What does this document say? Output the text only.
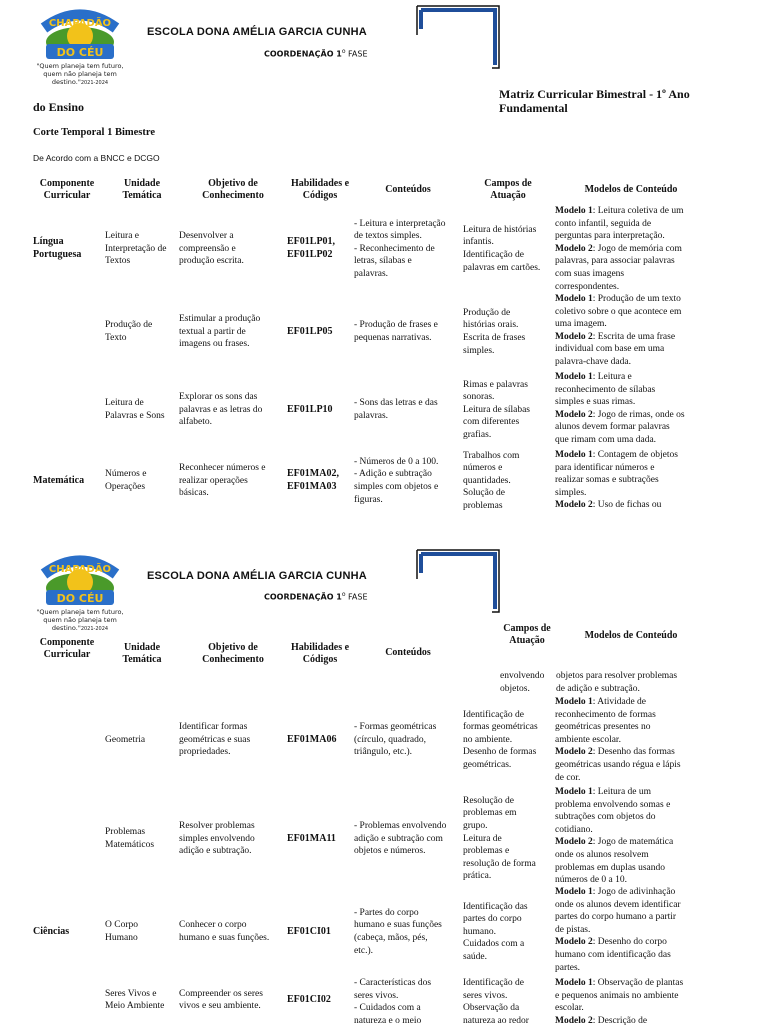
CHAPADÃO
DO CÉU
"Quem planeja tem futuro,
quem não planeja tem
destino."2021-2024
ESCOLA DONA AMÉLIA GARCIA CUNHA
COORDENAÇÃO 1$^o$ FASE
do Ensino
Matriz Curricular Bimestral - 1º Ano
Fundamental
Corte Temporal 1 Bimestre
De Acordo com a BNCC e DCGO
Componente
Curricular
Unidade
Temática
Objetivo de
Conhecimento
Habilidades e
Códigos
Conteúdos
Campos de
Atuação
Modelos de Conteúdo
Língua
Portuguesa
Leitura e
Interpretação de
Textos
Desenvolver a
compreensão e
produção escrita.
EF01LP01,
EF01LP02
- Leitura e interpretação
de textos simples.
- Reconhecimento de
letras, sílabas e
palavras.
Leitura de histórias
infantis.
Identificação de
palavras em cartões.
Modelo 1: Leitura coletiva de um
conto infantil, seguida de
perguntas para interpretação.
Modelo 2: Jogo de memória com
palavras, para associar palavras
com suas imagens
correspondentes.
Produção de
Texto
Estimular a produção
textual a partir de
imagens ou frases.
EF01LP05
- Produção de frases e
pequenas narrativas.
Produção de
histórias orais.
Escrita de frases
simples.
Modelo 1: Produção de um texto
coletivo sobre o que acontece em
uma imagem.
Modelo 2: Escrita de uma frase
individual com base em uma
palavra-chave dada.
Leitura de
Palavras e Sons
Explorar os sons das
palavras e as letras do
alfabeto.
EF01LP10
- Sons das letras e das
palavras.
Rimas e palavras
sonoras.
Leitura de sílabas
com diferentes
grafias.
Modelo 1: Leitura e
reconhecimento de sílabas
simples e suas rimas.
Modelo 2: Jogo de rimas, onde os
alunos devem formar palavras
que rimam com uma dada.
Matemática
Números e
Operações
Reconhecer números e
realizar operações
básicas.
EF01MA02,
EF01MA03
- Números de 0 a 100.
- Adição e subtração
simples com objetos e
figuras.
Trabalhos com
números e
quantidades.
Solução de
problemas
Modelo 1: Contagem de objetos
para identificar números e
realizar somas e subtrações
simples.
Modelo 2: Uso de fichas ou
CHAPADÃO
DO CÉU
"Quem planeja tem futuro,
quem não planeja tem
destino."2021-2024
ESCOLA DONA AMÉLIA GARCIA CUNHA
COORDENAÇÃO 1$^o$ FASE
Componente
Curricular
Unidade
Temática
Objetivo de
Conhecimento
Habilidades e
Códigos
Conteúdos
Campos de
Atuação	Modelos de Conteúdo
envolvendo
objetos.
objetos para resolver problemas
de adição e subtração.
Geometria
Identificar formas
geométricas e suas
propriedades.
EF01MA06
- Formas geométricas
(círculo, quadrado,
triângulo, etc.).
Identificação de
formas geométricas
no ambiente.
Desenho de formas
geométricas.
Modelo 1: Atividade de
reconhecimento de formas
geométricas presentes no
ambiente escolar.
Modelo 2: Desenho das formas
geométricas usando régua e lápis
de cor.
Problemas
Matemáticos
Resolver problemas
simples envolvendo
adição e subtração.
EF01MA11
- Problemas envolvendo
adição e subtração com
objetos e números.
Resolução de
problemas em
grupo.
Leitura de
problemas e
resolução de forma
prática.
Modelo 1: Leitura de um
problema envolvendo somas e
subtrações com objetos do
cotidiano.
Modelo 2: Jogo de matemática
onde os alunos resolvem
problemas em duplas usando
números de 0 a 10.
Ciências
O Corpo
Humano
Conhecer o corpo
humano e suas funções.
EF01CI01
- Partes do corpo
humano e suas funções
(cabeça, mãos, pés,
etc.).
Identificação das
partes do corpo
humano.
Cuidados com a
saúde.
Modelo 1: Jogo de adivinhação
onde os alunos devem identificar
partes do corpo humano a partir
de pistas.
Modelo 2: Desenho do corpo
humano com identificação das
partes.
Seres Vivos e
Meio Ambiente
Compreender os seres
vivos e seu ambiente.
EF01CI02
- Características dos
seres vivos.
- Cuidados com a
natureza e o meio
Identificação de
seres vivos.
Observação da
natureza ao redor
Modelo 1: Observação de plantas
e pequenos animais no ambiente
escolar.
Modelo 2: Descrição de
